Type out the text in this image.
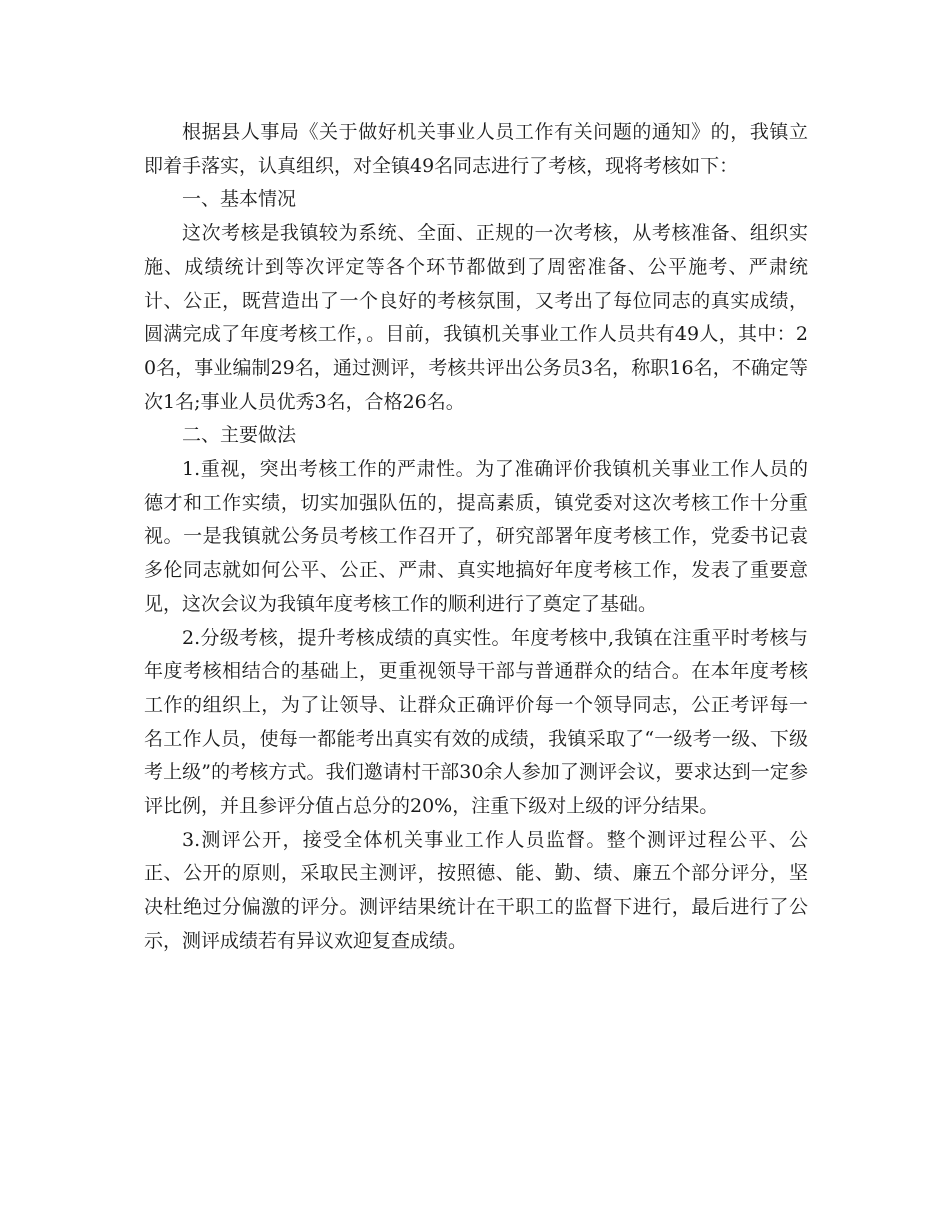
根据县人事局《关于做好机关事业人员工作有关问题的通知》的，我镇立即着手落实，认真组织，对全镇49名同志进行了考核，现将考核如下：

一、基本情况

这次考核是我镇较为系统、全面、正规的一次考核，从考核准备、组织实施、成绩统计到等次评定等各个环节都做到了周密准备、公平施考、严肃统计、公正，既营造出了一个良好的考核氛围，又考出了每位同志的真实成绩，圆满完成了年度考核工作，。目前，我镇机关事业工作人员共有49人，其中：20名，事业编制29名，通过测评，考核共评出公务员3名，称职16名，不确定等次1名;事业人员优秀3名，合格26名。

二、主要做法

1.重视，突出考核工作的严肃性。为了准确评价我镇机关事业工作人员的德才和工作实绩，切实加强队伍的，提高素质，镇党委对这次考核工作十分重视。一是我镇就公务员考核工作召开了，研究部署年度考核工作，党委书记袁多伦同志就如何公平、公正、严肃、真实地搞好年度考核工作，发表了重要意见，这次会议为我镇年度考核工作的顺利进行了奠定了基础。

2.分级考核，提升考核成绩的真实性。年度考核中,我镇在注重平时考核与年度考核相结合的基础上，更重视领导干部与普通群众的结合。在本年度考核工作的组织上，为了让领导、让群众正确评价每一个领导同志，公正考评每一名工作人员，使每一都能考出真实有效的成绩，我镇采取了“一级考一级、下级考上级”的考核方式。我们邀请村干部30余人参加了测评会议，要求达到一定参评比例，并且参评分值占总分的20%，注重下级对上级的评分结果。

3.测评公开，接受全体机关事业工作人员监督。整个测评过程公平、公正、公开的原则，采取民主测评，按照德、能、勤、绩、廉五个部分评分，坚决杜绝过分偏激的评分。测评结果统计在干职工的监督下进行，最后进行了公示，测评成绩若有异议欢迎复查成绩。
